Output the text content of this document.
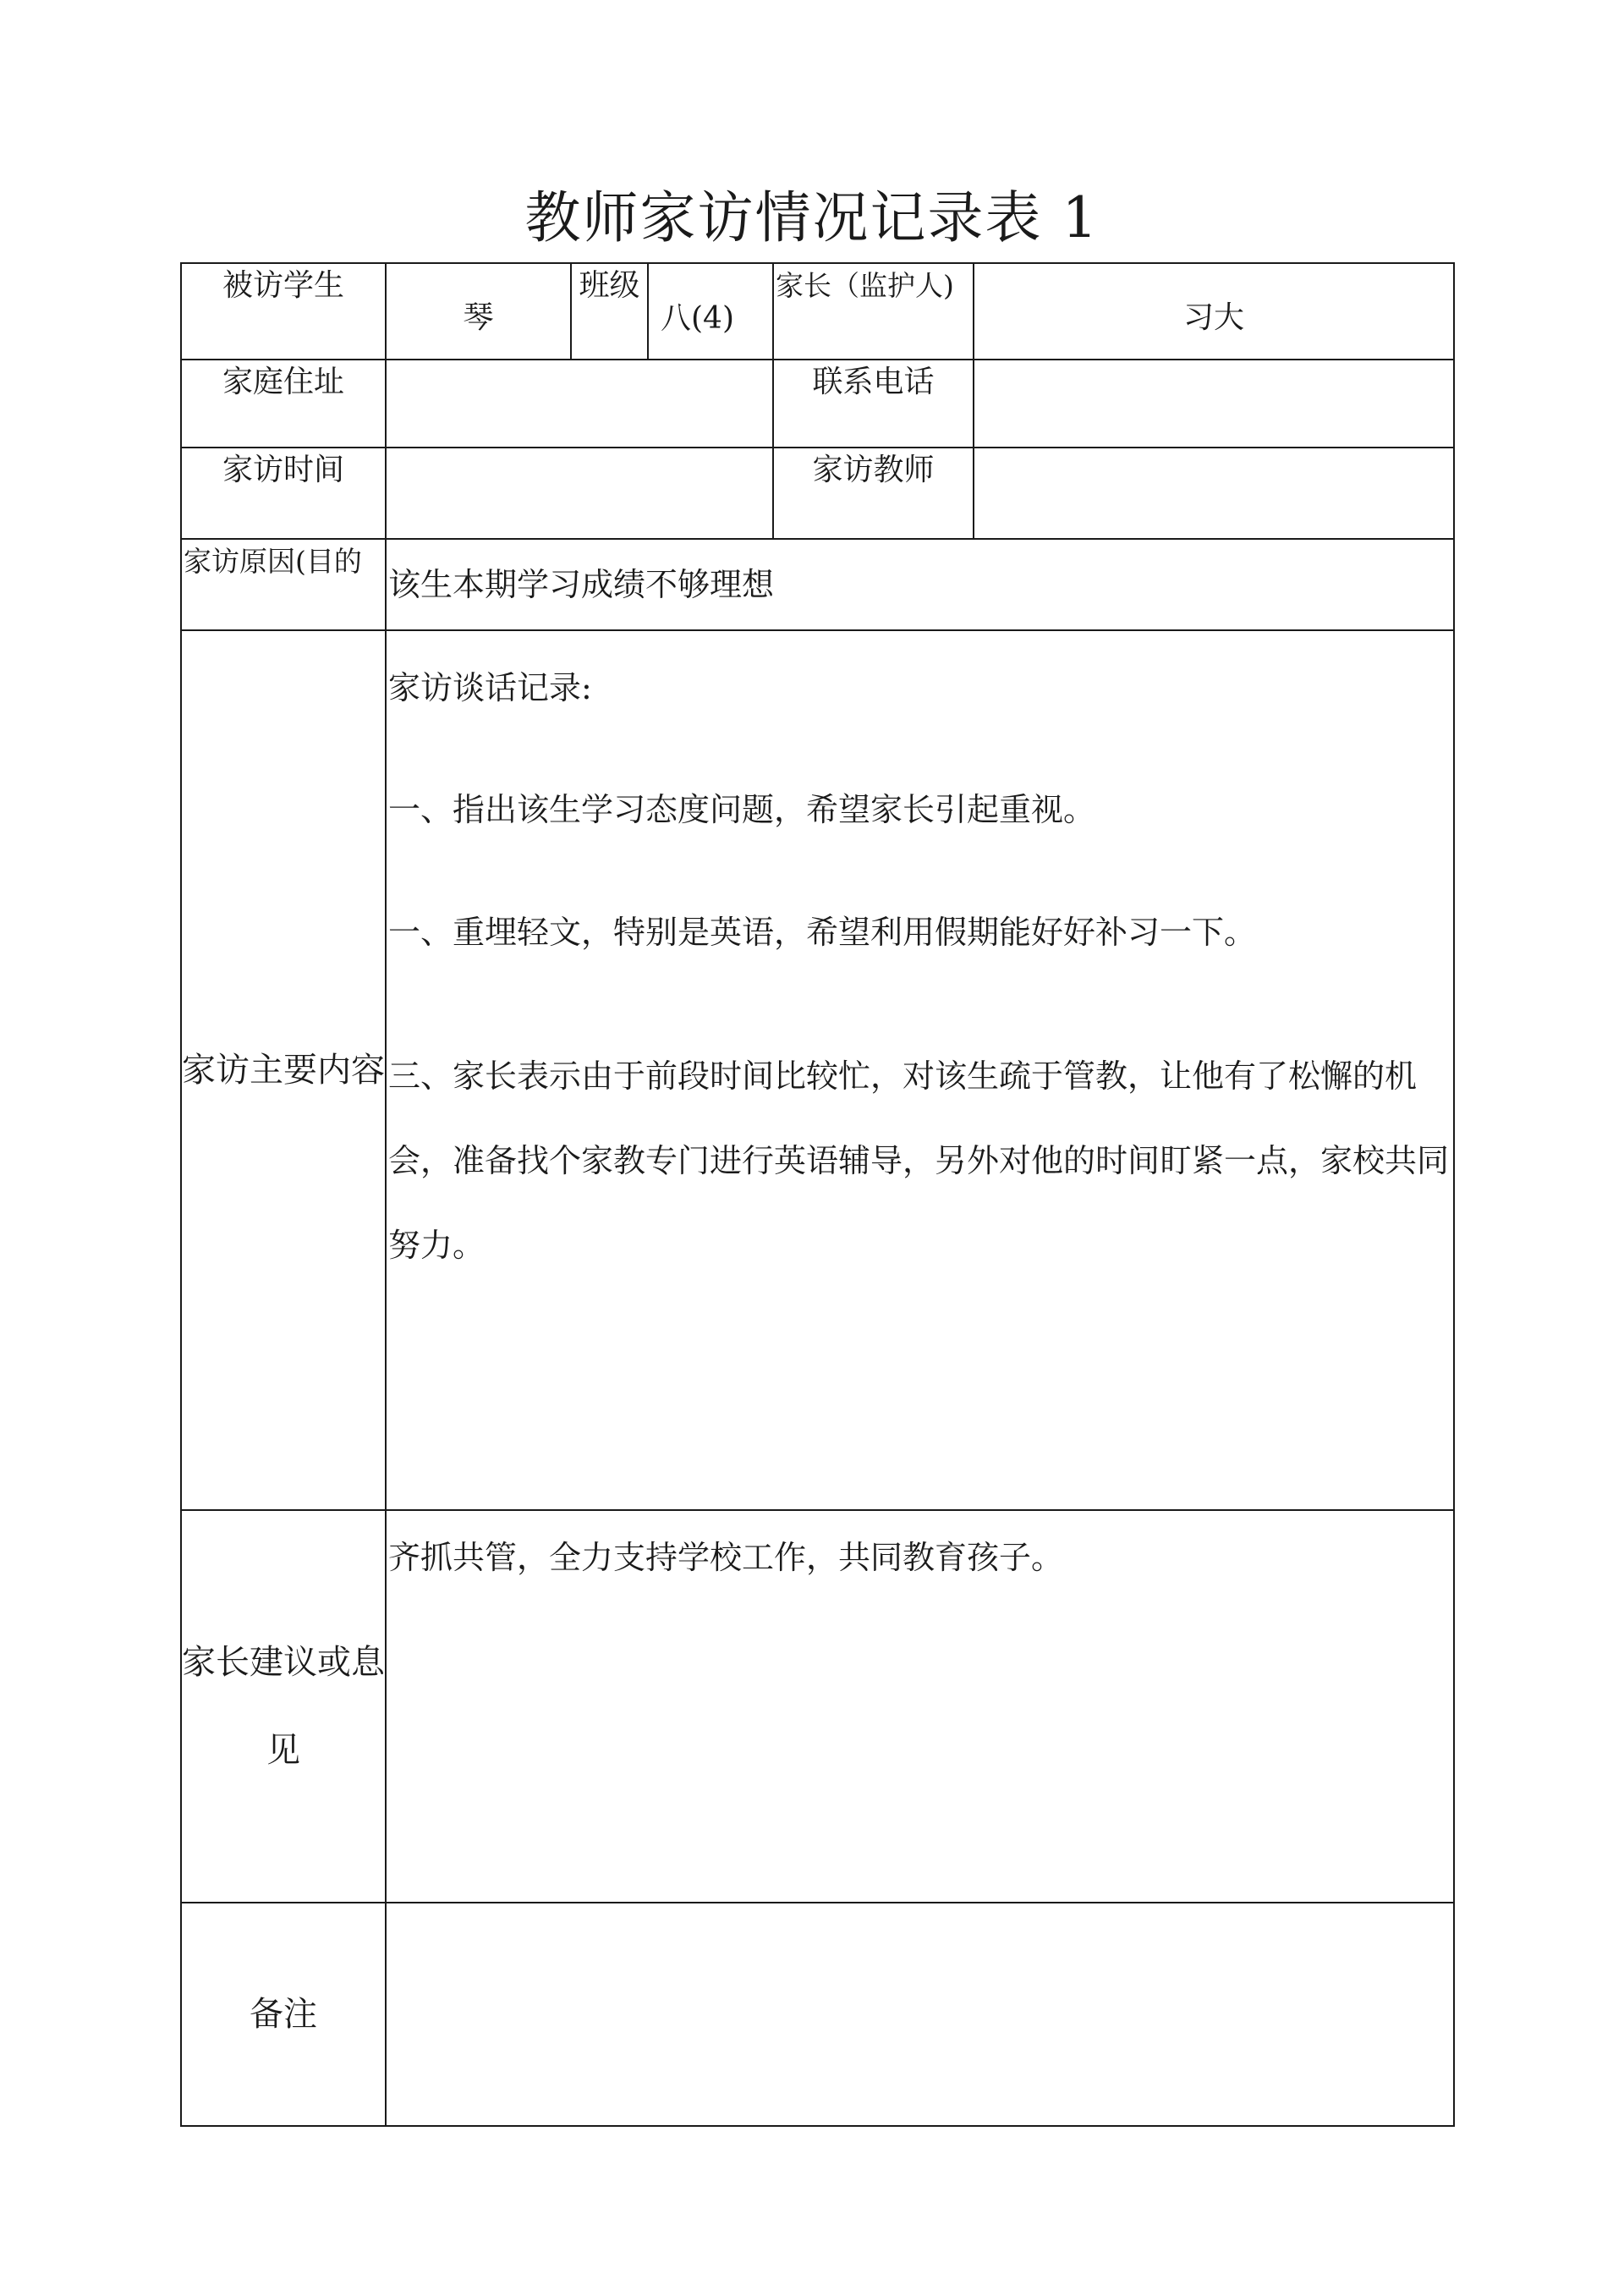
教师家访情况记录表 1
被访学生	琴	班级	八(4)	家长（监护人)	习大
家庭住址				联系电话	
家访时间				家访教师	
家访原因(目的	该生本期学习成绩不够理想				
家访主要内容	家访谈话记录:

一、指出该生学习态度问题，希望家长引起重视。

一、重埋轻文，特别是英语，希望利用假期能好好补习一下。

三、家长表示由于前段时间比较忙，对该生疏于管教，让他有了松懈的机会，准备找个家教专门进行英语辅导，另外对他的时间盯紧一点，家校共同努力。				

家长建议或息见	齐抓共管，全力支持学校工作，共同教育孩子。				

备注					
